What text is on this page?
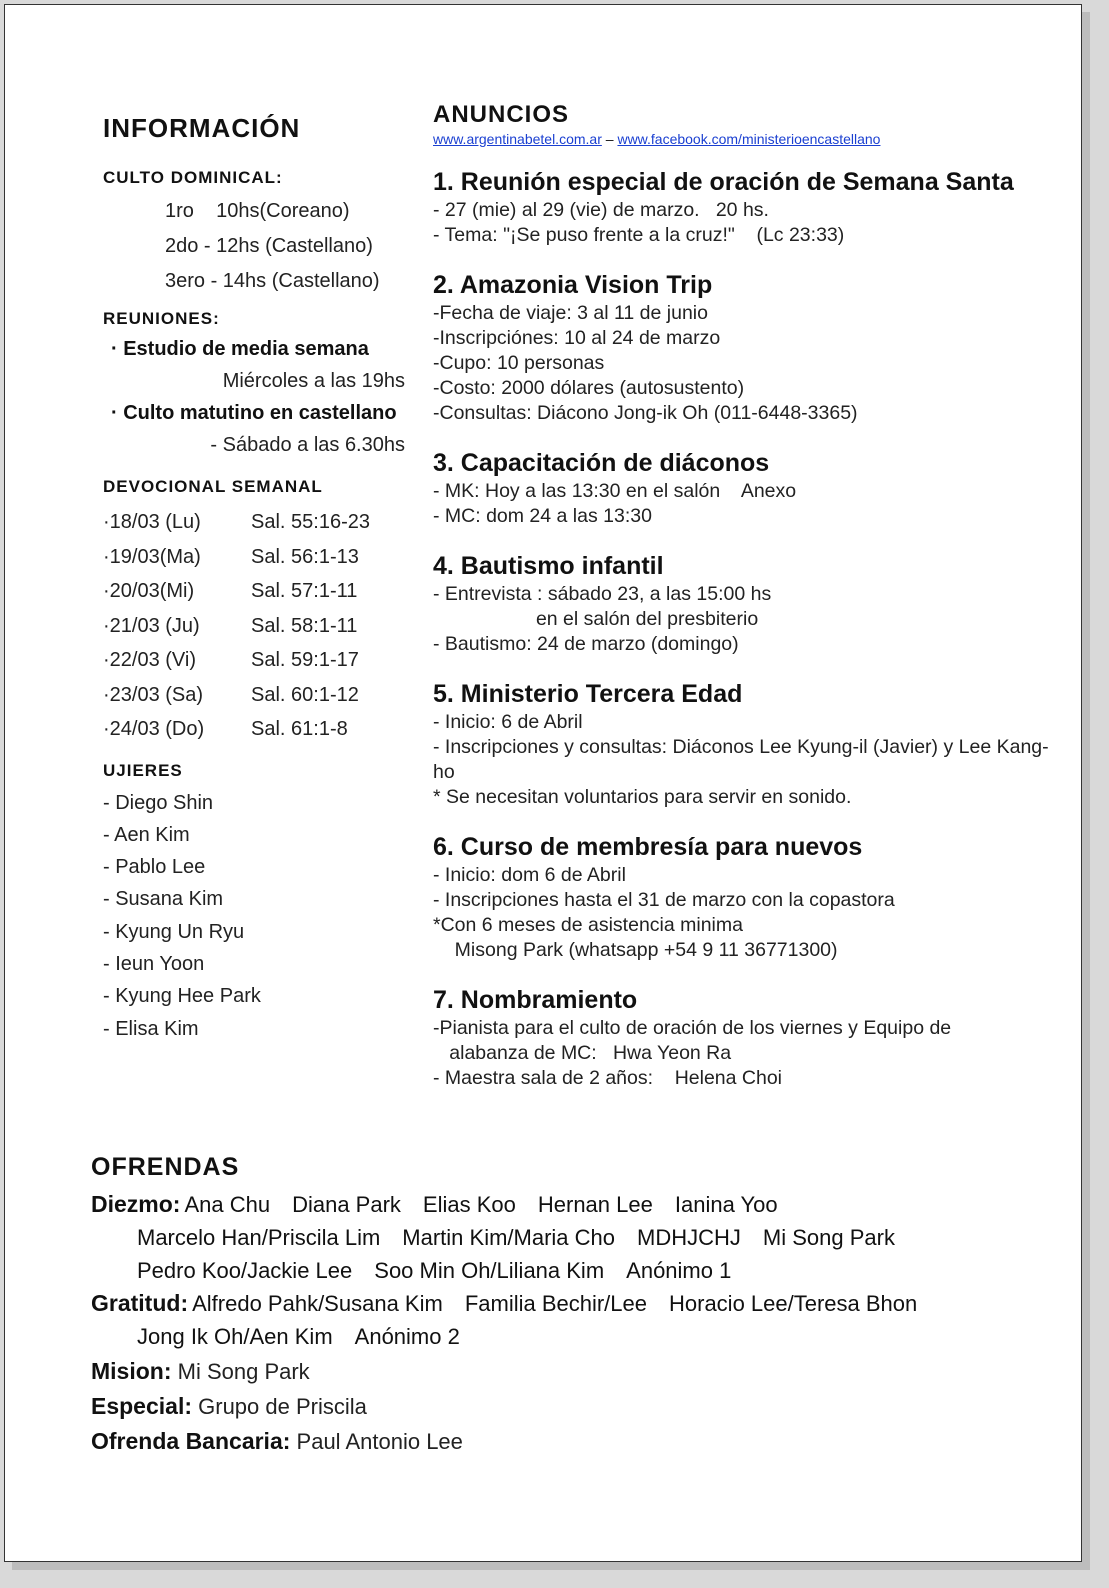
INFORMACIÓN
CULTO DOMINICAL:
1ro    10hs(Coreano)
2do - 12hs (Castellano)
3ero - 14hs (Castellano)
REUNIONES:
· Estudio de media semana
Miércoles a las 19hs
· Culto matutino en castellano
- Sábado a las 6.30hs
DEVOCIONAL SEMANAL
·18/03 (Lu)	Sal. 55:16-23
·19/03(Ma)	Sal. 56:1-13
·20/03(Mi)	Sal. 57:1-11
·21/03 (Ju)	Sal. 58:1-11
·22/03 (Vi)	Sal. 59:1-17
·23/03 (Sa)	Sal. 60:1-12
·24/03 (Do)	Sal. 61:1-8
UJIERES
- Diego Shin
- Aen Kim
- Pablo Lee
- Susana Kim
- Kyung Un Ryu
- Ieun Yoon
- Kyung Hee Park
- Elisa Kim
ANUNCIOS
www.argentinabetel.com.ar – www.facebook.com/ministerioencastellano
1. Reunión especial de oración de Semana Santa
- 27 (mie) al 29 (vie) de marzo.   20 hs.
- Tema: "¡Se puso frente a la cruz!"    (Lc 23:33)
2. Amazonia Vision Trip
-Fecha de viaje: 3 al 11 de junio
-Inscripciónes: 10 al 24 de marzo
-Cupo: 10 personas
-Costo: 2000 dólares (autosustento)
-Consultas: Diácono Jong-ik Oh (011-6448-3365)
3. Capacitación de diáconos
- MK: Hoy a las 13:30 en el salón    Anexo
- MC: dom 24 a las 13:30
4. Bautismo infantil
- Entrevista : sábado 23, a las 15:00 hs
en el salón del presbiterio
- Bautismo: 24 de marzo (domingo)
5. Ministerio Tercera Edad
- Inicio: 6 de Abril
- Inscripciones y consultas: Diáconos Lee Kyung-il (Javier) y Lee Kang-ho
* Se necesitan voluntarios para servir en sonido.
6. Curso de membresía para nuevos
- Inicio: dom 6 de Abril
- Inscripciones hasta el 31 de marzo con la copastora
*Con 6 meses de asistencia minima
Misong Park (whatsapp +54 9 11 36771300)
7. Nombramiento
-Pianista para el culto de oración de los viernes y Equipo de
alabanza de MC:   Hwa Yeon Ra
- Maestra sala de 2 años:    Helena Choi
OFRENDAS
Diezmo: Ana Chu Diana Park Elias Koo Hernan Lee Ianina Yoo
Marcelo Han/Priscila Lim Martin Kim/Maria Cho MDHJCHJ Mi Song Park
Pedro Koo/Jackie Lee Soo Min Oh/Liliana Kim Anónimo 1
Gratitud: Alfredo Pahk/Susana Kim Familia Bechir/Lee Horacio Lee/Teresa Bhon
Jong Ik Oh/Aen Kim Anónimo 2
Mision: Mi Song Park
Especial: Grupo de Priscila
Ofrenda Bancaria: Paul Antonio Lee
